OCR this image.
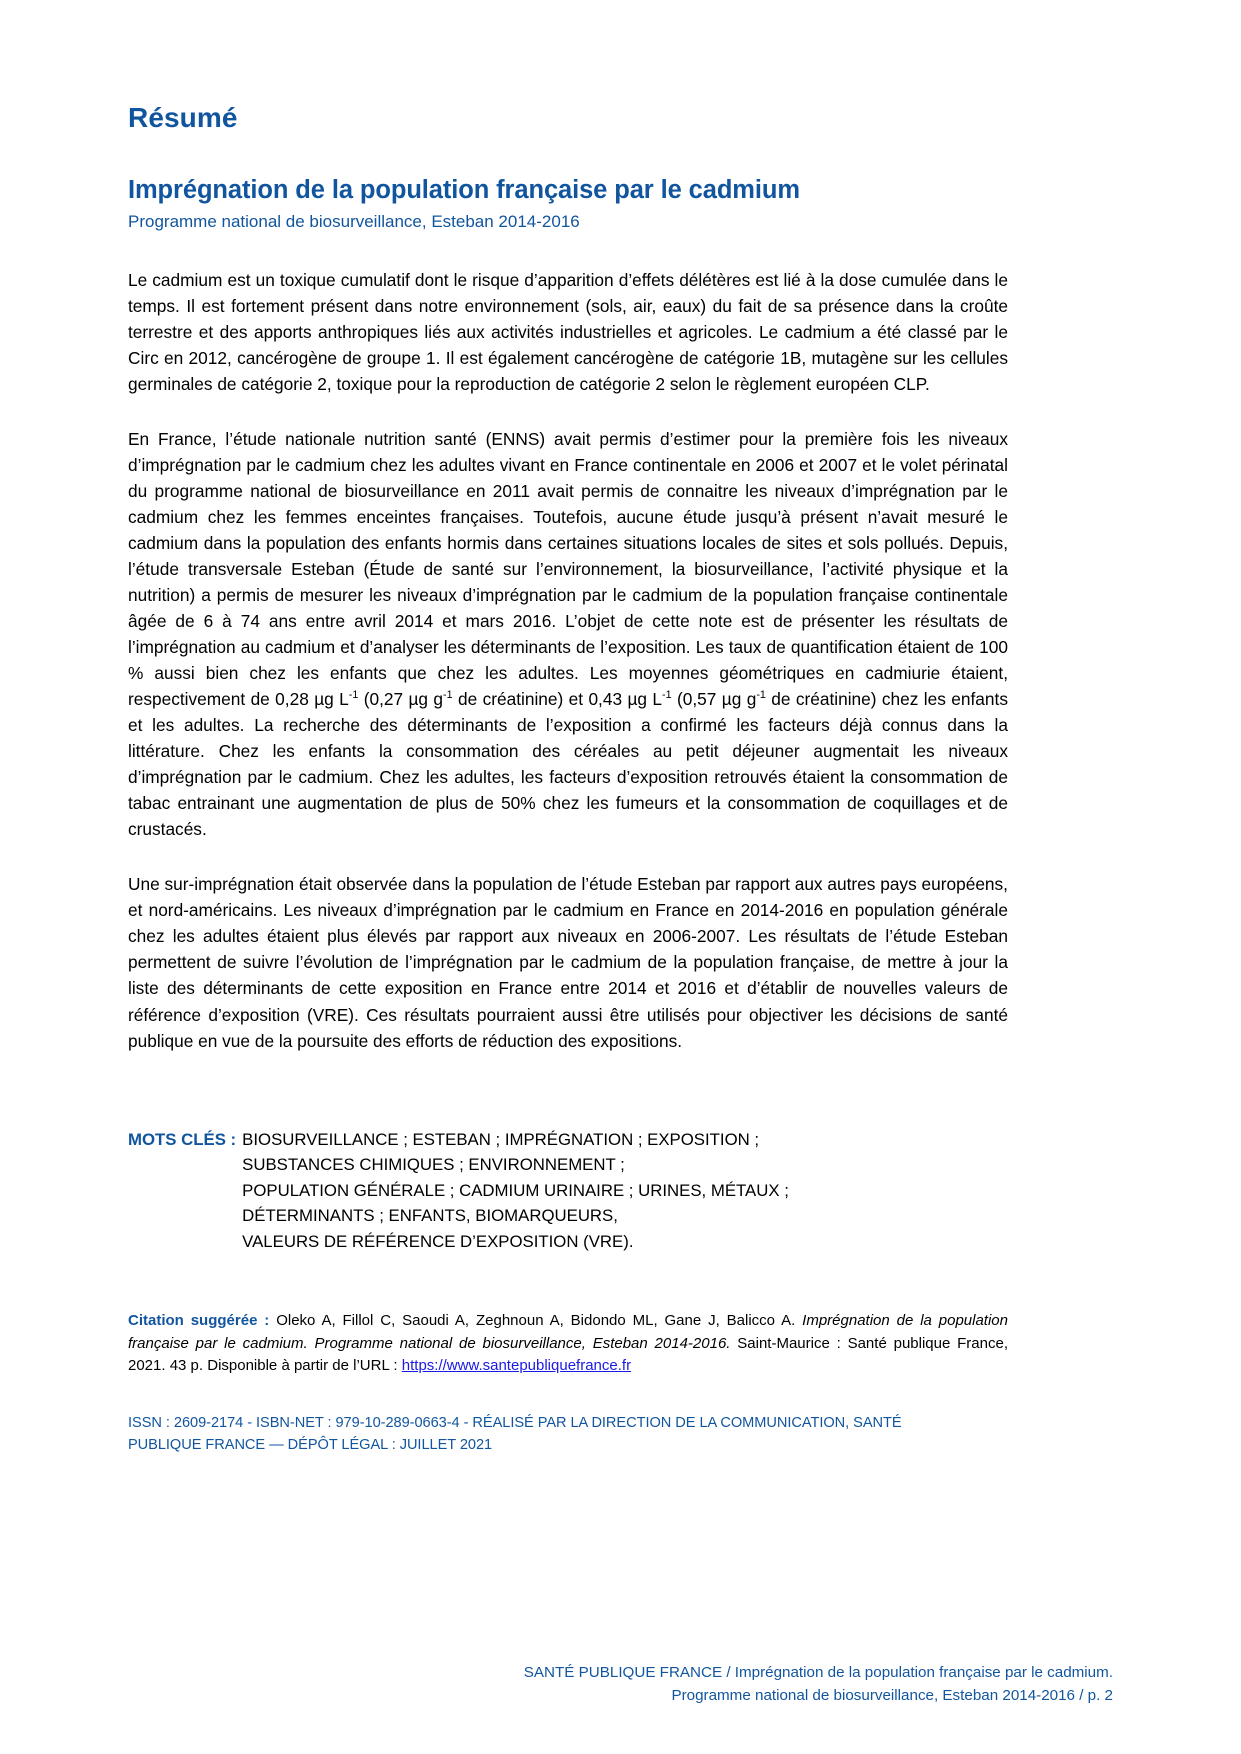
Résumé
Imprégnation de la population française par le cadmium
Programme national de biosurveillance, Esteban 2014-2016

Le cadmium est un toxique cumulatif dont le risque d’apparition d’effets délétères est lié à la dose cumulée dans le temps. Il est fortement présent dans notre environnement (sols, air, eaux) du fait de sa présence dans la croûte terrestre et des apports anthropiques liés aux activités industrielles et agricoles. Le cadmium a été classé par le Circ en 2012, cancérogène de groupe 1. Il est également cancérogène de catégorie 1B, mutagène sur les cellules germinales de catégorie 2, toxique pour la reproduction de catégorie 2 selon le règlement européen CLP.

En France, l’étude nationale nutrition santé (ENNS) avait permis d’estimer pour la première fois les niveaux d’imprégnation par le cadmium chez les adultes vivant en France continentale en 2006 et 2007 et le volet périnatal du programme national de biosurveillance en 2011 avait permis de connaitre les niveaux d’imprégnation par le cadmium chez les femmes enceintes françaises. Toutefois, aucune étude jusqu’à présent n’avait mesuré le cadmium dans la population des enfants hormis dans certaines situations locales de sites et sols pollués. Depuis, l’étude transversale Esteban (Étude de santé sur l’environnement, la biosurveillance, l’activité physique et la nutrition) a permis de mesurer les niveaux d’imprégnation par le cadmium de la population française continentale âgée de 6 à 74 ans entre avril 2014 et mars 2016. L’objet de cette note est de présenter les résultats de l’imprégnation au cadmium et d’analyser les déterminants de l’exposition. Les taux de quantification étaient de 100 % aussi bien chez les enfants que chez les adultes. Les moyennes géométriques en cadmiurie étaient, respectivement de 0,28 µg $L^{-1}$ (0,27 µg $g^{-1}$ de créatinine) et 0,43 µg $L^{-1}$ (0,57 µg $g^{-1}$ de créatinine) chez les enfants et les adultes. La recherche des déterminants de l’exposition a confirmé les facteurs déjà connus dans la littérature. Chez les enfants la consommation des céréales au petit déjeuner augmentait les niveaux d’imprégnation par le cadmium. Chez les adultes, les facteurs d’exposition retrouvés étaient la consommation de tabac entrainant une augmentation de plus de 50% chez les fumeurs et la consommation de coquillages et de crustacés.

Une sur-imprégnation était observée dans la population de l’étude Esteban par rapport aux autres pays européens, et nord-américains. Les niveaux d’imprégnation par le cadmium en France en 2014-2016 en population générale chez les adultes étaient plus élevés par rapport aux niveaux en 2006-2007. Les résultats de l’étude Esteban permettent de suivre l’évolution de l’imprégnation par le cadmium de la population française, de mettre à jour la liste des déterminants de cette exposition en France entre 2014 et 2016 et d’établir de nouvelles valeurs de référence d’exposition (VRE). Ces résultats pourraient aussi être utilisés pour objectiver les décisions de santé publique en vue de la poursuite des efforts de réduction des expositions.

MOTS CLÉS : BIOSURVEILLANCE ; ESTEBAN ; IMPRÉGNATION ; EXPOSITION ;
SUBSTANCES CHIMIQUES ; ENVIRONNEMENT ;
POPULATION GÉNÉRALE ; CADMIUM URINAIRE ; URINES, MÉTAUX ;
DÉTERMINANTS ; ENFANTS, BIOMARQUEURS,
VALEURS DE RÉFÉRENCE D’EXPOSITION (VRE).
Citation suggérée : Oleko A, Fillol C, Saoudi A, Zeghnoun A, Bidondo ML, Gane J, Balicco A. Imprégnation de la population française par le cadmium. Programme national de biosurveillance, Esteban 2014-2016. Saint-Maurice : Santé publique France, 2021. 43 p. Disponible à partir de l’URL : https://www.santepubliquefrance.fr
ISSN : 2609-2174 - ISBN-NET : 979-10-289-0663-4 - RÉALISÉ PAR LA DIRECTION DE LA COMMUNICATION, SANTÉ
PUBLIQUE FRANCE — DÉPÔT LÉGAL : JUILLET 2021
SANTÉ PUBLIQUE FRANCE / Imprégnation de la population française par le cadmium.
Programme national de biosurveillance, Esteban 2014-2016 / p. 2
